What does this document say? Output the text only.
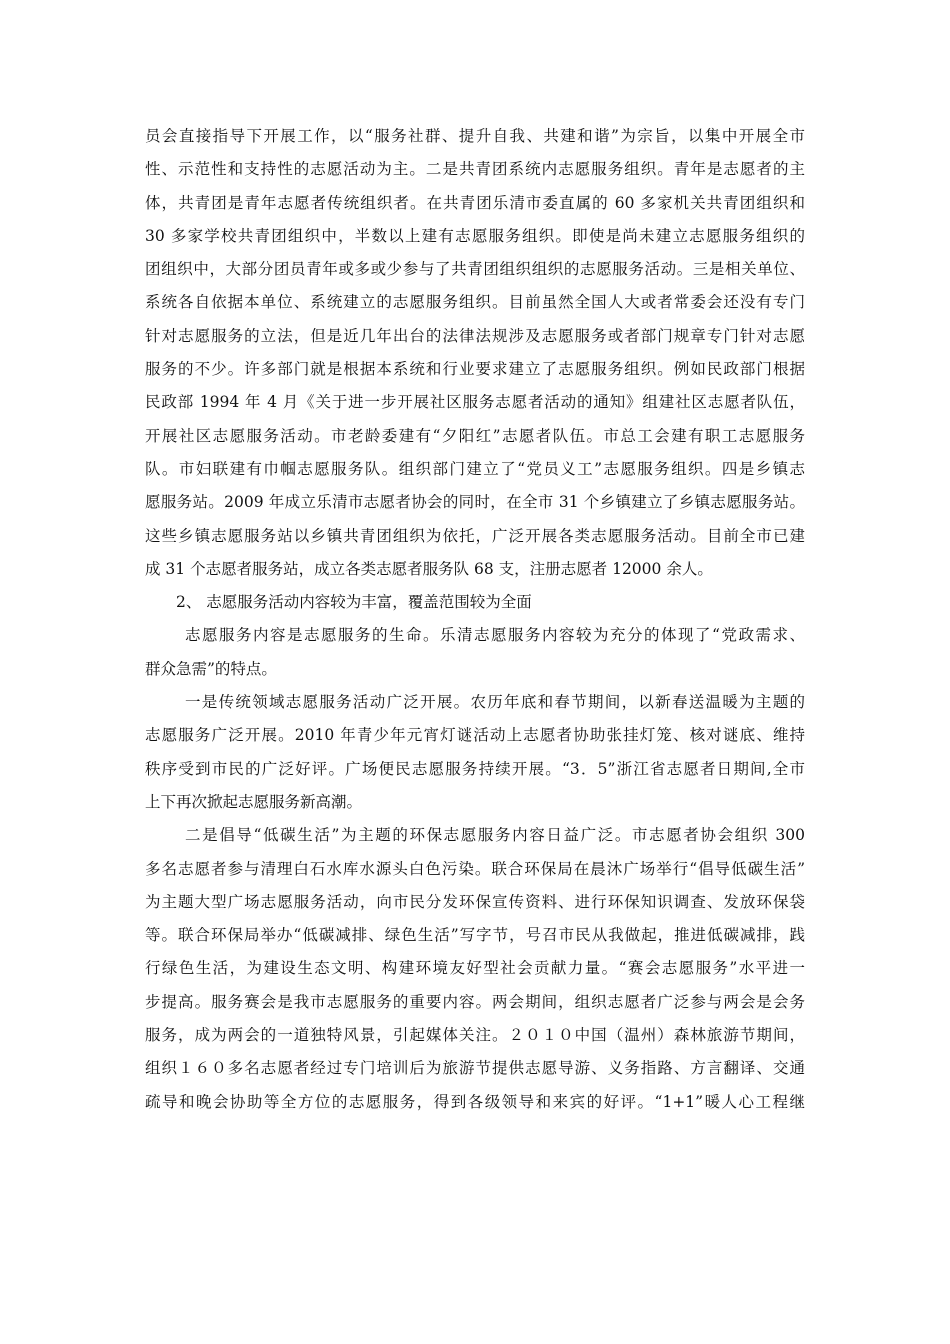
员会直接指导下开展工作，以“服务社群、提升自我、共建和谐”为宗旨，以集中开展全市
性、示范性和支持性的志愿活动为主。二是共青团系统内志愿服务组织。青年是志愿者的主
体，共青团是青年志愿者传统组织者。在共青团乐清市委直属的 60 多家机关共青团组织和
30 多家学校共青团组织中，半数以上建有志愿服务组织。即使是尚未建立志愿服务组织的
团组织中，大部分团员青年或多或少参与了共青团组织组织的志愿服务活动。三是相关单位、
系统各自依据本单位、系统建立的志愿服务组织。目前虽然全国人大或者常委会还没有专门
针对志愿服务的立法，但是近几年出台的法律法规涉及志愿服务或者部门规章专门针对志愿
服务的不少。许多部门就是根据本系统和行业要求建立了志愿服务组织。例如民政部门根据
民政部 1994 年 4 月《关于进一步开展社区服务志愿者活动的通知》组建社区志愿者队伍，
开展社区志愿服务活动。市老龄委建有“夕阳红”志愿者队伍。市总工会建有职工志愿服务
队。市妇联建有巾帼志愿服务队。组织部门建立了“党员义工”志愿服务组织。四是乡镇志
愿服务站。2009 年成立乐清市志愿者协会的同时，在全市 31 个乡镇建立了乡镇志愿服务站。
这些乡镇志愿服务站以乡镇共青团组织为依托，广泛开展各类志愿服务活动。目前全市已建
成 31 个志愿者服务站，成立各类志愿者服务队 68 支，注册志愿者 12000 余人。
2、 志愿服务活动内容较为丰富，覆盖范围较为全面
志愿服务内容是志愿服务的生命。乐清志愿服务内容较为充分的体现了“党政需求、
群众急需”的特点。
一是传统领域志愿服务活动广泛开展。农历年底和春节期间，以新春送温暖为主题的
志愿服务广泛开展。2010 年青少年元宵灯谜活动上志愿者协助张挂灯笼、核对谜底、维持
秩序受到市民的广泛好评。广场便民志愿服务持续开展。“3．5”浙江省志愿者日期间,全市
上下再次掀起志愿服务新高潮。
二是倡导“低碳生活”为主题的环保志愿服务内容日益广泛。市志愿者协会组织 300
多名志愿者参与清理白石水库水源头白色污染。联合环保局在晨沐广场举行“倡导低碳生活”
为主题大型广场志愿服务活动，向市民分发环保宣传资料、进行环保知识调查、发放环保袋
等。联合环保局举办“低碳减排、绿色生活”写字节，号召市民从我做起，推进低碳减排，践
行绿色生活，为建设生态文明、构建环境友好型社会贡献力量。“赛会志愿服务”水平进一
步提高。服务赛会是我市志愿服务的重要内容。两会期间，组织志愿者广泛参与两会是会务
服务，成为两会的一道独特风景，引起媒体关注。２０１０中国（温州）森林旅游节期间，
组织１６０多名志愿者经过专门培训后为旅游节提供志愿导游、义务指路、方言翻译、交通
疏导和晚会协助等全方位的志愿服务，得到各级领导和来宾的好评。“1+1”暖人心工程继
